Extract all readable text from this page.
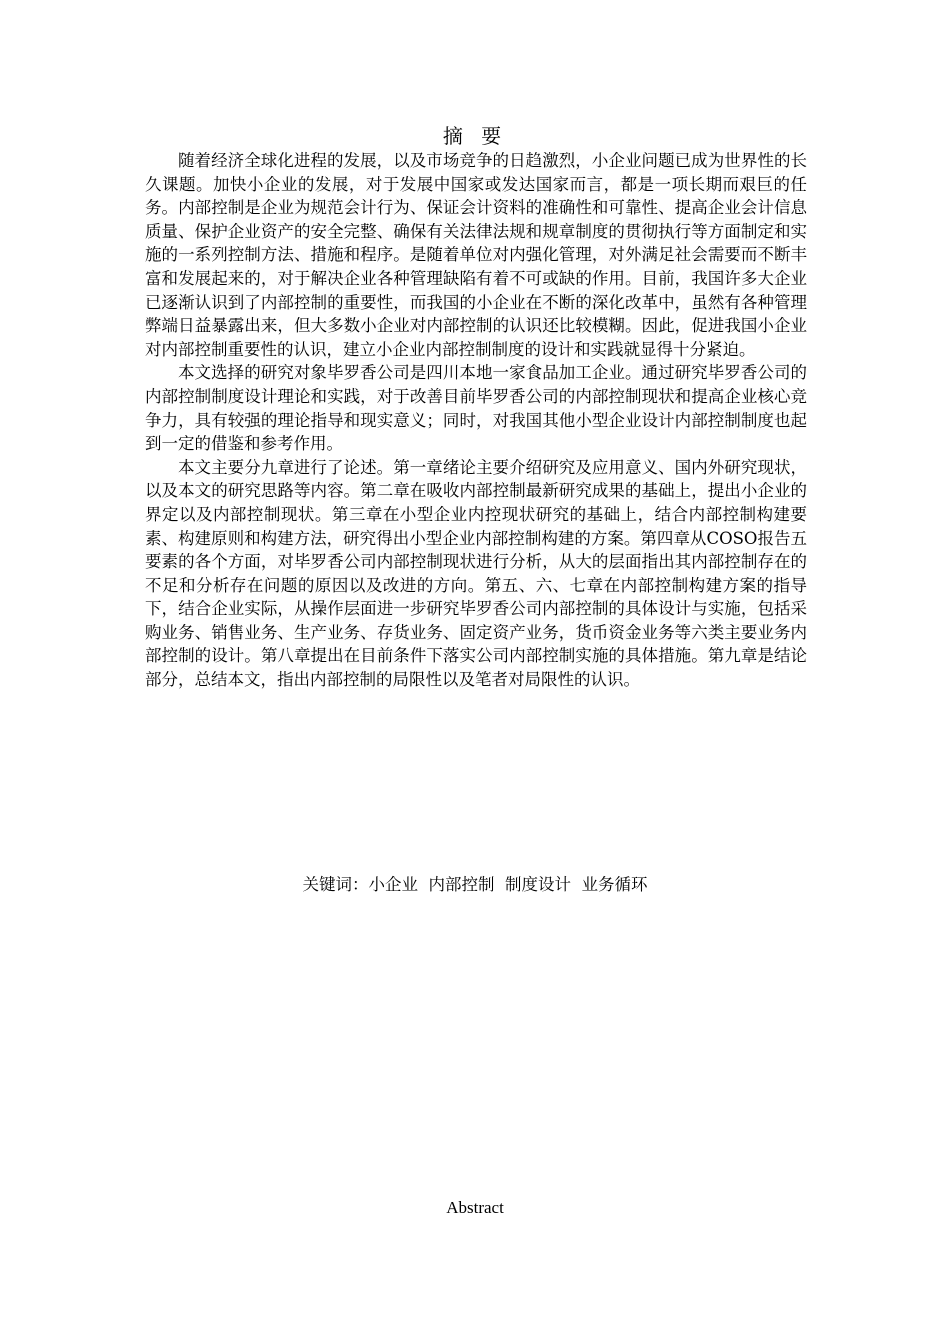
摘 要

随着经济全球化进程的发展，以及市场竞争的日趋激烈，小企业问题已成为世界性的长久课题。加快小企业的发展，对于发展中国家或发达国家而言，都是一项长期而艰巨的任务。内部控制是企业为规范会计行为、保证会计资料的准确性和可靠性、提高企业会计信息质量、保护企业资产的安全完整、确保有关法律法规和规章制度的贯彻执行等方面制定和实施的一系列控制方法、措施和程序。是随着单位对内强化管理，对外满足社会需要而不断丰富和发展起来的，对于解决企业各种管理缺陷有着不可或缺的作用。目前，我国许多大企业已逐渐认识到了内部控制的重要性，而我国的小企业在不断的深化改革中，虽然有各种管理弊端日益暴露出来，但大多数小企业对内部控制的认识还比较模糊。因此，促进我国小企业对内部控制重要性的认识，建立小企业内部控制制度的设计和实践就显得十分紧迫。

本文选择的研究对象毕罗香公司是四川本地一家食品加工企业。通过研究毕罗香公司的内部控制制度设计理论和实践，对于改善目前毕罗香公司的内部控制现状和提高企业核心竞争力，具有较强的理论指导和现实意义；同时，对我国其他小型企业设计内部控制制度也起到一定的借鉴和参考作用。

本文主要分九章进行了论述。第一章绪论主要介绍研究及应用意义、国内外研究现状，以及本文的研究思路等内容。第二章在吸收内部控制最新研究成果的基础上，提出小企业的界定以及内部控制现状。第三章在小型企业内控现状研究的基础上，结合内部控制构建要素、构建原则和构建方法，研究得出小型企业内部控制构建的方案。第四章从COSO报告五要素的各个方面，对毕罗香公司内部控制现状进行分析，从大的层面指出其内部控制存在的不足和分析存在问题的原因以及改进的方向。第五、六、七章在内部控制构建方案的指导下，结合企业实际，从操作层面进一步研究毕罗香公司内部控制的具体设计与实施，包括采购业务、销售业务、生产业务、存货业务、固定资产业务，货币资金业务等六类主要业务内部控制的设计。第八章提出在目前条件下落实公司内部控制实施的具体措施。第九章是结论部分，总结本文，指出内部控制的局限性以及笔者对局限性的认识。

关键词：小企业  内部控制  制度设计  业务循环
Abstract
